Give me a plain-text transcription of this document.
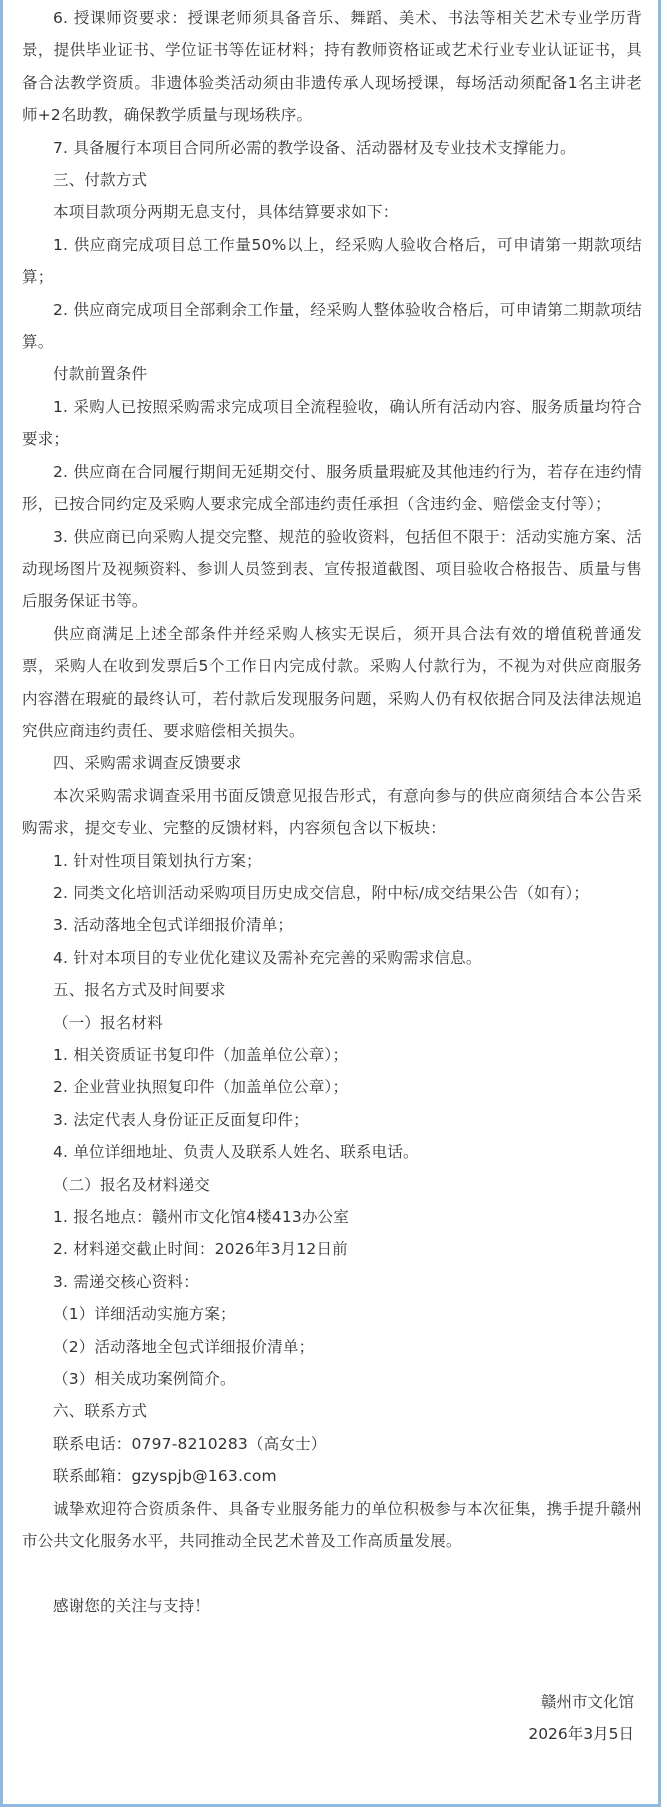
6. 授课师资要求：授课老师须具备音乐、舞蹈、美术、书法等相关艺术专业学历背景，提供毕业证书、学位证书等佐证材料；持有教师资格证或艺术行业专业认证证书，具备合法教学资质。非遗体验类活动须由非遗传承人现场授课，每场活动须配备1名主讲老师+2名助教，确保教学质量与现场秩序。

7. 具备履行本项目合同所必需的教学设备、活动器材及专业技术支撑能力。

三、付款方式

本项目款项分两期无息支付，具体结算要求如下：

1. 供应商完成项目总工作量50%以上，经采购人验收合格后，可申请第一期款项结算；

2. 供应商完成项目全部剩余工作量，经采购人整体验收合格后，可申请第二期款项结算。

付款前置条件

1. 采购人已按照采购需求完成项目全流程验收，确认所有活动内容、服务质量均符合要求；

2. 供应商在合同履行期间无延期交付、服务质量瑕疵及其他违约行为，若存在违约情形，已按合同约定及采购人要求完成全部违约责任承担（含违约金、赔偿金支付等）；

3. 供应商已向采购人提交完整、规范的验收资料，包括但不限于：活动实施方案、活动现场图片及视频资料、参训人员签到表、宣传报道截图、项目验收合格报告、质量与售后服务保证书等。

供应商满足上述全部条件并经采购人核实无误后，须开具合法有效的增值税普通发票，采购人在收到发票后5个工作日内完成付款。采购人付款行为，不视为对供应商服务内容潜在瑕疵的最终认可，若付款后发现服务问题，采购人仍有权依据合同及法律法规追究供应商违约责任、要求赔偿相关损失。

四、采购需求调查反馈要求

本次采购需求调查采用书面反馈意见报告形式，有意向参与的供应商须结合本公告采购需求，提交专业、完整的反馈材料，内容须包含以下板块：

1. 针对性项目策划执行方案；

2. 同类文化培训活动采购项目历史成交信息，附中标/成交结果公告（如有）；

3. 活动落地全包式详细报价清单；

4. 针对本项目的专业优化建议及需补充完善的采购需求信息。

五、报名方式及时间要求

（一）报名材料

1. 相关资质证书复印件（加盖单位公章）；

2. 企业营业执照复印件（加盖单位公章）；

3. 法定代表人身份证正反面复印件；

4. 单位详细地址、负责人及联系人姓名、联系电话。

（二）报名及材料递交

1. 报名地点：赣州市文化馆4楼413办公室

2. 材料递交截止时间：2026年3月12日前

3. 需递交核心资料：

（1）详细活动实施方案；

（2）活动落地全包式详细报价清单；

（3）相关成功案例简介。

六、联系方式

联系电话：0797-8210283（高女士）

联系邮箱：gzyspjb@163.com

诚挚欢迎符合资质条件、具备专业服务能力的单位积极参与本次征集，携手提升赣州市公共文化服务水平，共同推动全民艺术普及工作高质量发展。

感谢您的关注与支持！

赣州市文化馆

2026年3月5日
